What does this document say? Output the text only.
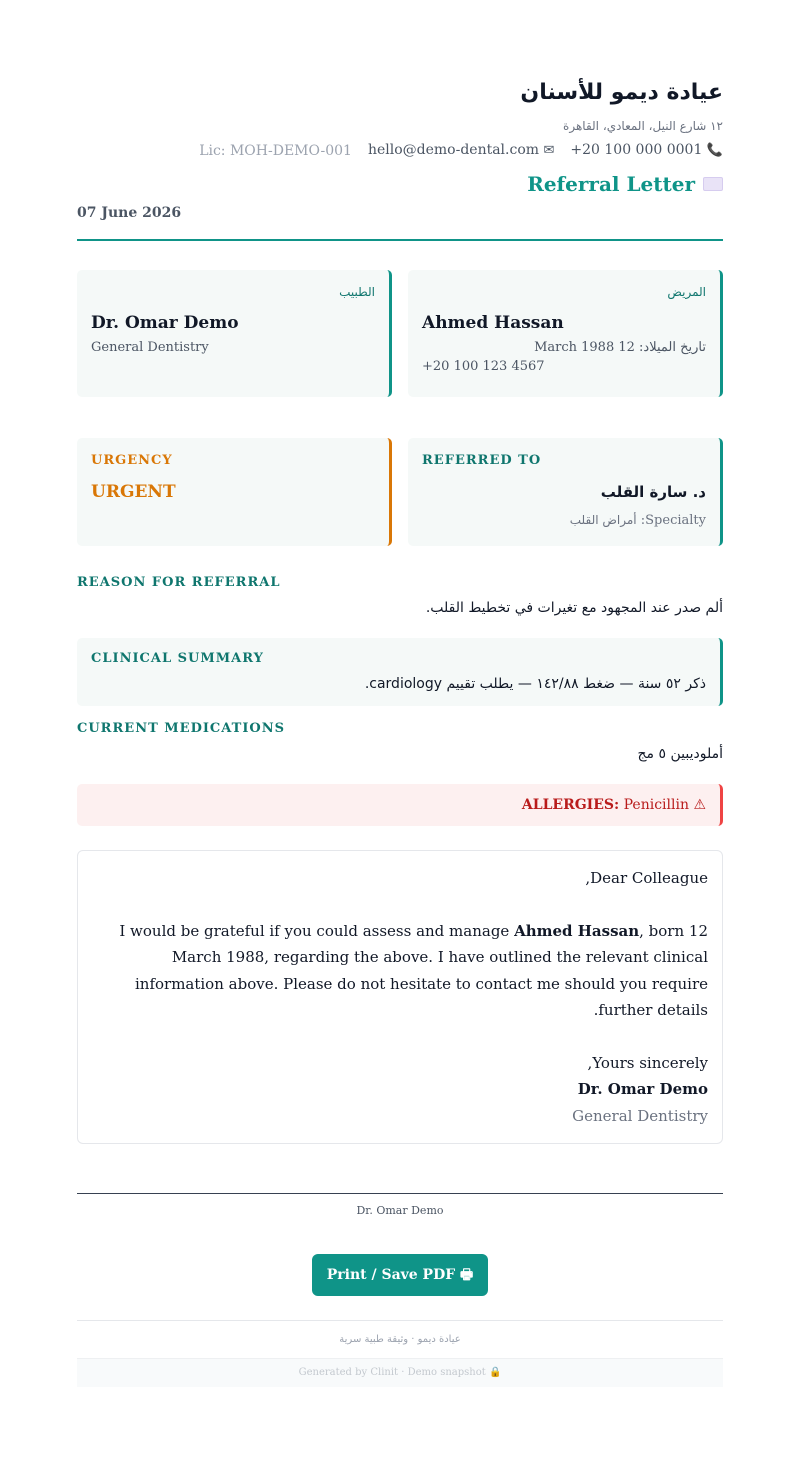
عيادة ديمو للأسنان
١٢ شارع النيل، المعادي، القاهرة
📞 +20 100 000 0001
✉ hello@demo-dental.com
Lic: MOH-DEMO-001
Referral Letter
07 June 2026
المريض
Ahmed Hassan
تاريخ الميلاد: 12 March 1988
+20 100 123 4567
الطبيب
Dr. Omar Demo
General Dentistry
REFERRED TO
د. سارة القلب
Specialty: أمراض القلب
URGENCY
URGENT
REASON FOR REFERRAL
ألم صدر عند المجهود مع تغيرات في تخطيط القلب.
CLINICAL SUMMARY
ذكر ٥٢ سنة — ضغط ١٤٢/٨٨ — يطلب تقييم cardiology.
CURRENT MEDICATIONS
أملوديبين ٥ مج
ALLERGIES: Penicillin ⚠

Dear Colleague,

I would be grateful if you could assess and manage Ahmed Hassan, born 12 March 1988, regarding the above. I have outlined the relevant clinical information above. Please do not hesitate to contact me should you require further details.

Yours sincerely,

Dr. Omar Demo

General Dentistry

Dr. Omar Demo
Print / Save PDF 🖶
عيادة ديمو · وثيقة طبية سرية
Generated by Clinit · Demo snapshot 🔒
